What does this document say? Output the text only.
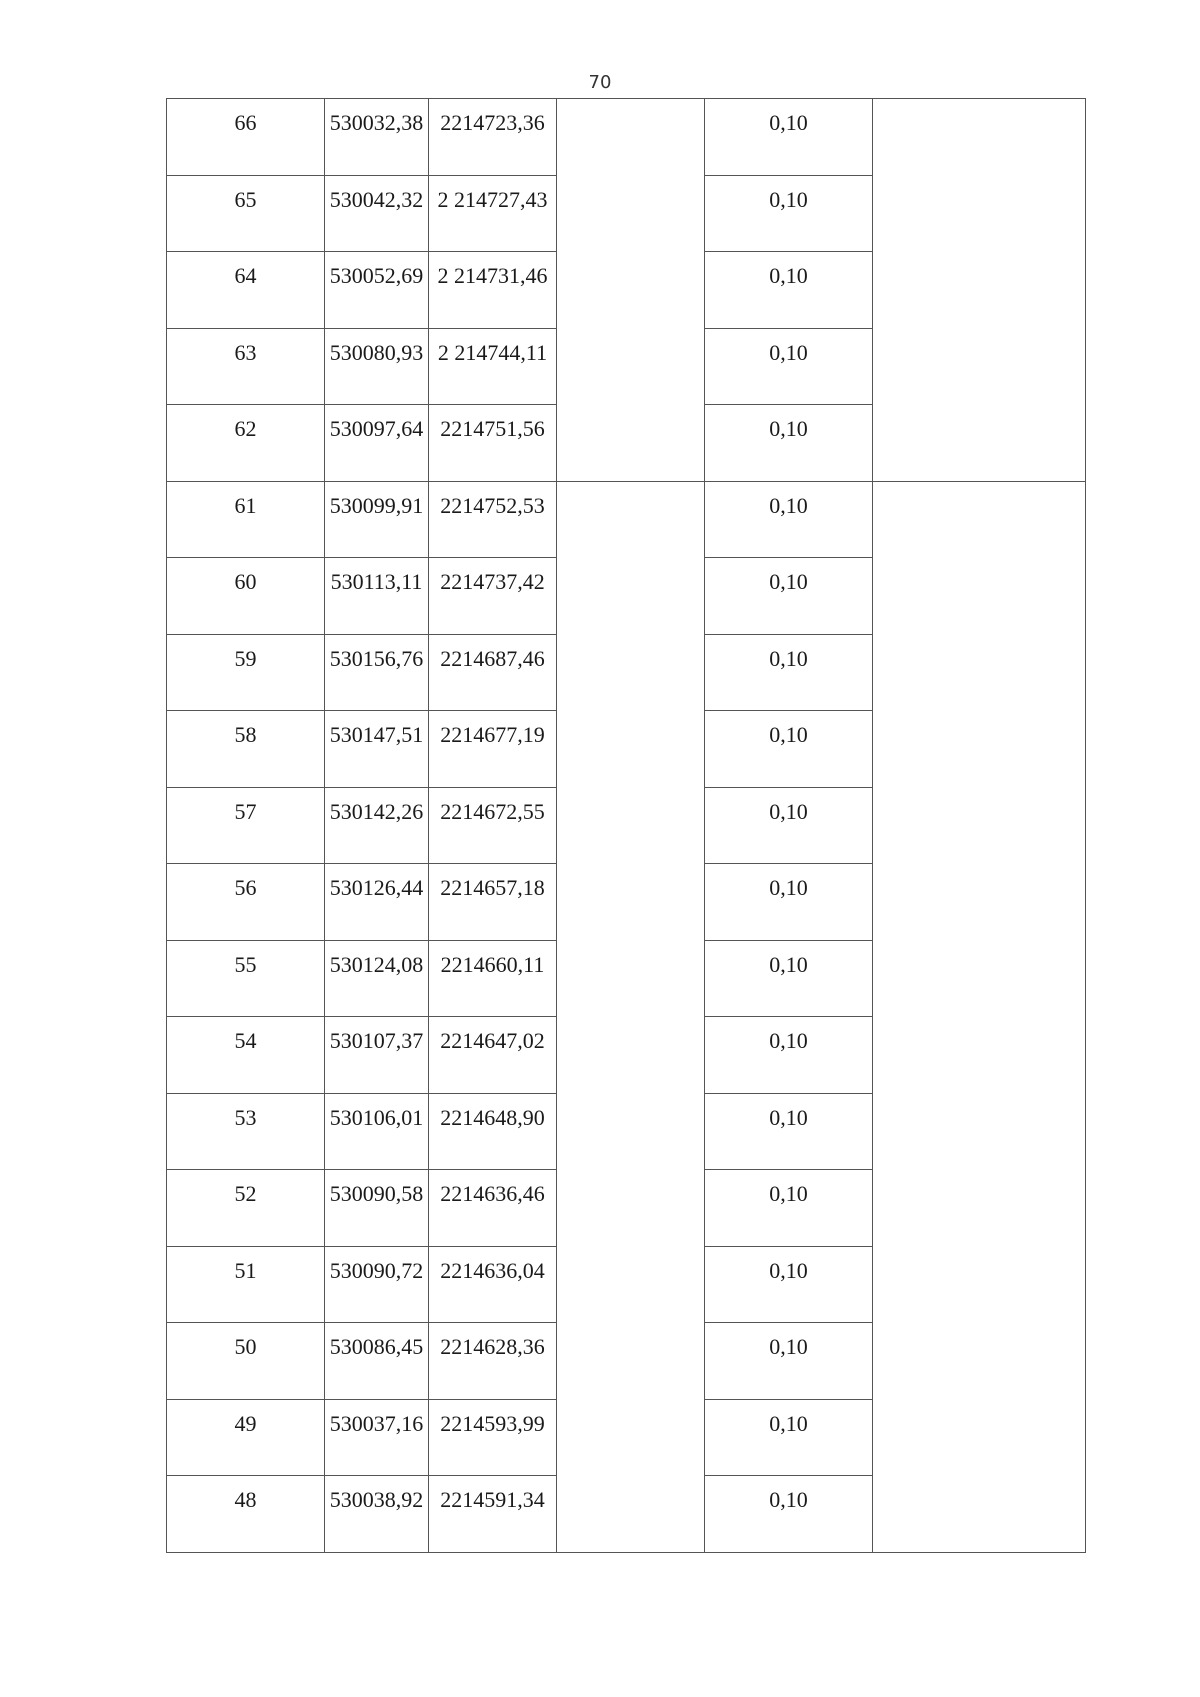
70
66	530032,38	2214723,36		0,10	
65	530042,32	2 214727,43		0,10	
64	530052,69	2 214731,46		0,10	
63	530080,93	2 214744,11		0,10	
62	530097,64	2214751,56		0,10	
61	530099,91	2214752,53		0,10	
60	530113,11	2214737,42		0,10	
59	530156,76	2214687,46		0,10	
58	530147,51	2214677,19		0,10	
57	530142,26	2214672,55		0,10	
56	530126,44	2214657,18		0,10	
55	530124,08	2214660,11		0,10	
54	530107,37	2214647,02		0,10	
53	530106,01	2214648,90		0,10	
52	530090,58	2214636,46		0,10	
51	530090,72	2214636,04		0,10	
50	530086,45	2214628,36		0,10	
49	530037,16	2214593,99		0,10	
48	530038,92	2214591,34		0,10	
